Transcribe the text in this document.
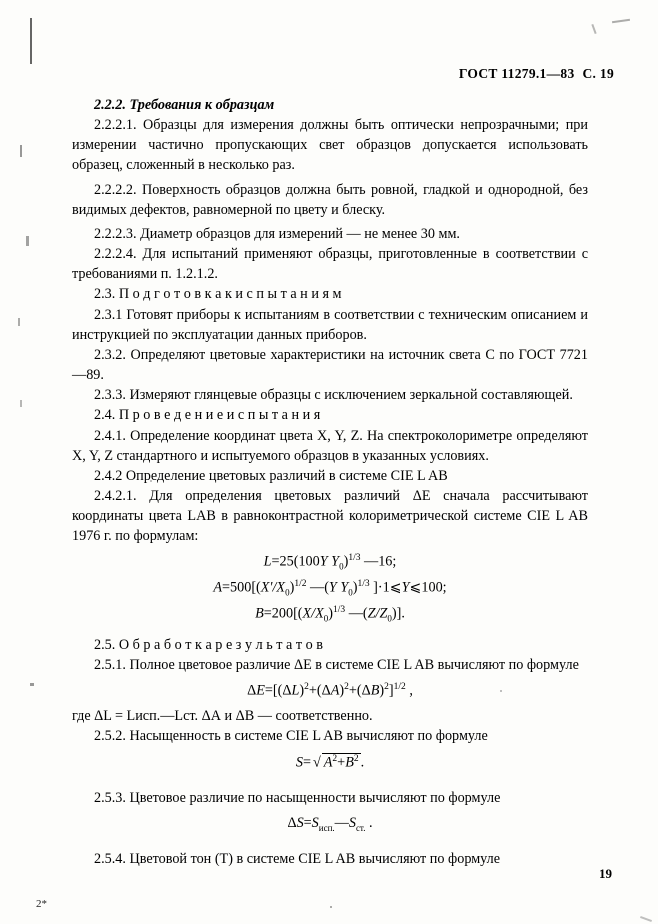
ГОСТ 11279.1—83 С. 19

2.2.2. Требования к образцам

2.2.2.1. Образцы для измерения должны быть оптически непрозрачными; при измерении частично пропускающих свет образцов допускается использовать образец, сложенный в несколько раз.

2.2.2.2. Поверхность образцов должна быть ровной, гладкой и однородной, без видимых дефектов, равномерной по цвету и блеску.

2.2.2.3. Диаметр образцов для измерений — не менее 30 мм.

2.2.2.4. Для испытаний применяют образцы, приготовленные в соответствии с требованиями п. 1.2.1.2.

2.3. П о д г о т о в к а к и с п ы т а н и я м

2.3.1 Готовят приборы к испытаниям в соответствии с техническим описанием и инструкцией по эксплуатации данных приборов.

2.3.2. Определяют цветовые характеристики на источник света С по ГОСТ 7721—89.

2.3.3. Измеряют глянцевые образцы с исключением зеркальной составляющей.

2.4. П р о в е д е н и е и с п ы т а н и я

2.4.1. Определение координат цвета X, Y, Z. На спектроколориметре определяют X, Y, Z стандартного и испытуемого образцов в указанных условиях.

2.4.2 Определение цветовых различий в системе CIE L AB

2.4.2.1. Для определения цветовых различий ΔЕ сначала рассчитывают координаты цвета LAB в равноконтрастной колориметрической системе CIE L AB 1976 г. по формулам:

L=25(100Y $Y_0)^{1/3}$ —16;
$A=500[(X'/X_0)^{1/2}$ —(Y $Y_0)^{1/3}$ ]·1⩽Y⩽100;
$B=200[(X/X_0)^{1/3}$ $—(Z/Z_0)$].

2.5. О б р а б о т к а р е з у л ь т а т о в

2.5.1. Полное цветовое различие ΔЕ в системе CIE L AB вычисляют по формуле

$\Delta E=[(\Delta L)^2+(\Delta A)^2+(\Delta B)^2]^{1/2}$ ,

где ΔL = Lисп.—Lст. ΔА и ΔВ — соответственно.

2.5.2. Насыщенность в системе CIE L AB вычисляют по формуле

S= √ $A^2+B^2$ .

2.5.3. Цветовое различие по насыщенности вычисляют по формуле

$\Delta S=S_{исп.}—S_{ст.}$ .

2.5.4. Цветовой тон (Т) в системе CIE L AB вычисляют по формуле

19
2*
